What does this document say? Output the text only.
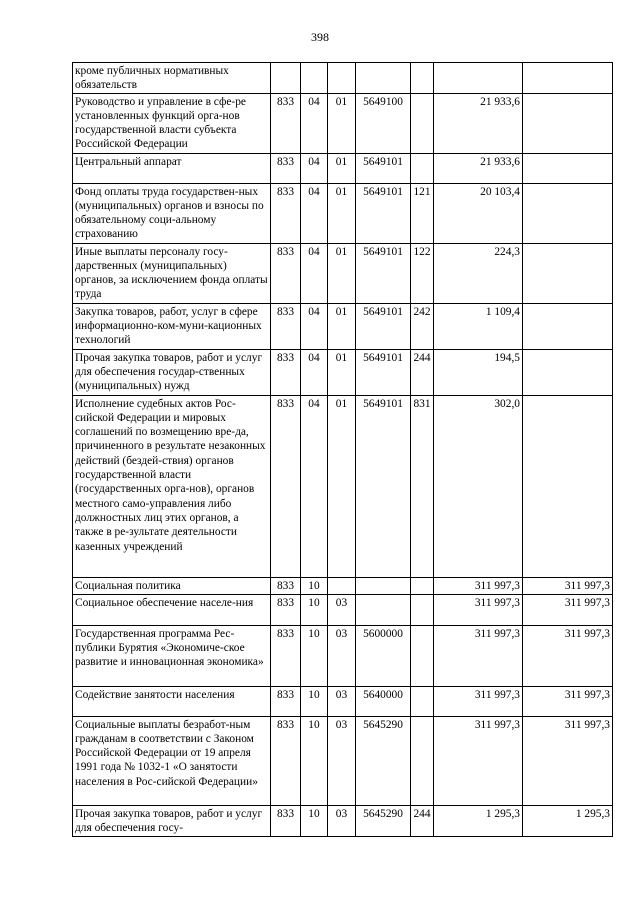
398
кроме публичных нормативных обязательств							
Руководство и управление в сфе-ре установленных функций орга-нов государственной власти субъекта Российской Федерации	833	04	01	5649100		21 933,6	
Центральный аппарат	833	04	01	5649101		21 933,6	
Фонд оплаты труда государствен-ных (муниципальных) органов и взносы по обязательному соци-альному страхованию	833	04	01	5649101	121	20 103,4	
Иные выплаты персоналу госу-дарственных (муниципальных) органов, за исключением фонда оплаты труда	833	04	01	5649101	122	224,3	
Закупка товаров, работ, услуг в сфере информационно-ком-муни-кационных технологий	833	04	01	5649101	242	1 109,4	
Прочая закупка товаров, работ и услуг для обеспечения государ-ственных (муниципальных) нужд	833	04	01	5649101	244	194,5	
Исполнение судебных актов Рос-сийской Федерации и мировых соглашений по возмещению вре-да, причиненного в результате незаконных действий (бездей-ствия) органов государственной власти (государственных орга-нов), органов местного само-управления либо должностных лиц этих органов, а также в ре-зультате деятельности казенных учреждений	833	04	01	5649101	831	302,0	
Социальная политика	833	10				311 997,3	311 997,3
Социальное обеспечение населе-ния	833	10	03			311 997,3	311 997,3
Государственная программа Рес-публики Бурятия «Экономиче-ское развитие и инновационная экономика»	833	10	03	5600000		311 997,3	311 997,3
Содействие занятости населения	833	10	03	5640000		311 997,3	311 997,3
Социальные выплаты безработ-ным гражданам в соответствии с Законом Российской Федерации от 19 апреля 1991 года № 1032-1 «О занятости населения в Рос-сийской Федерации»	833	10	03	5645290		311 997,3	311 997,3
Прочая закупка товаров, работ и услуг для обеспечения госу-	833	10	03	5645290	244	1 295,3	1 295,3
